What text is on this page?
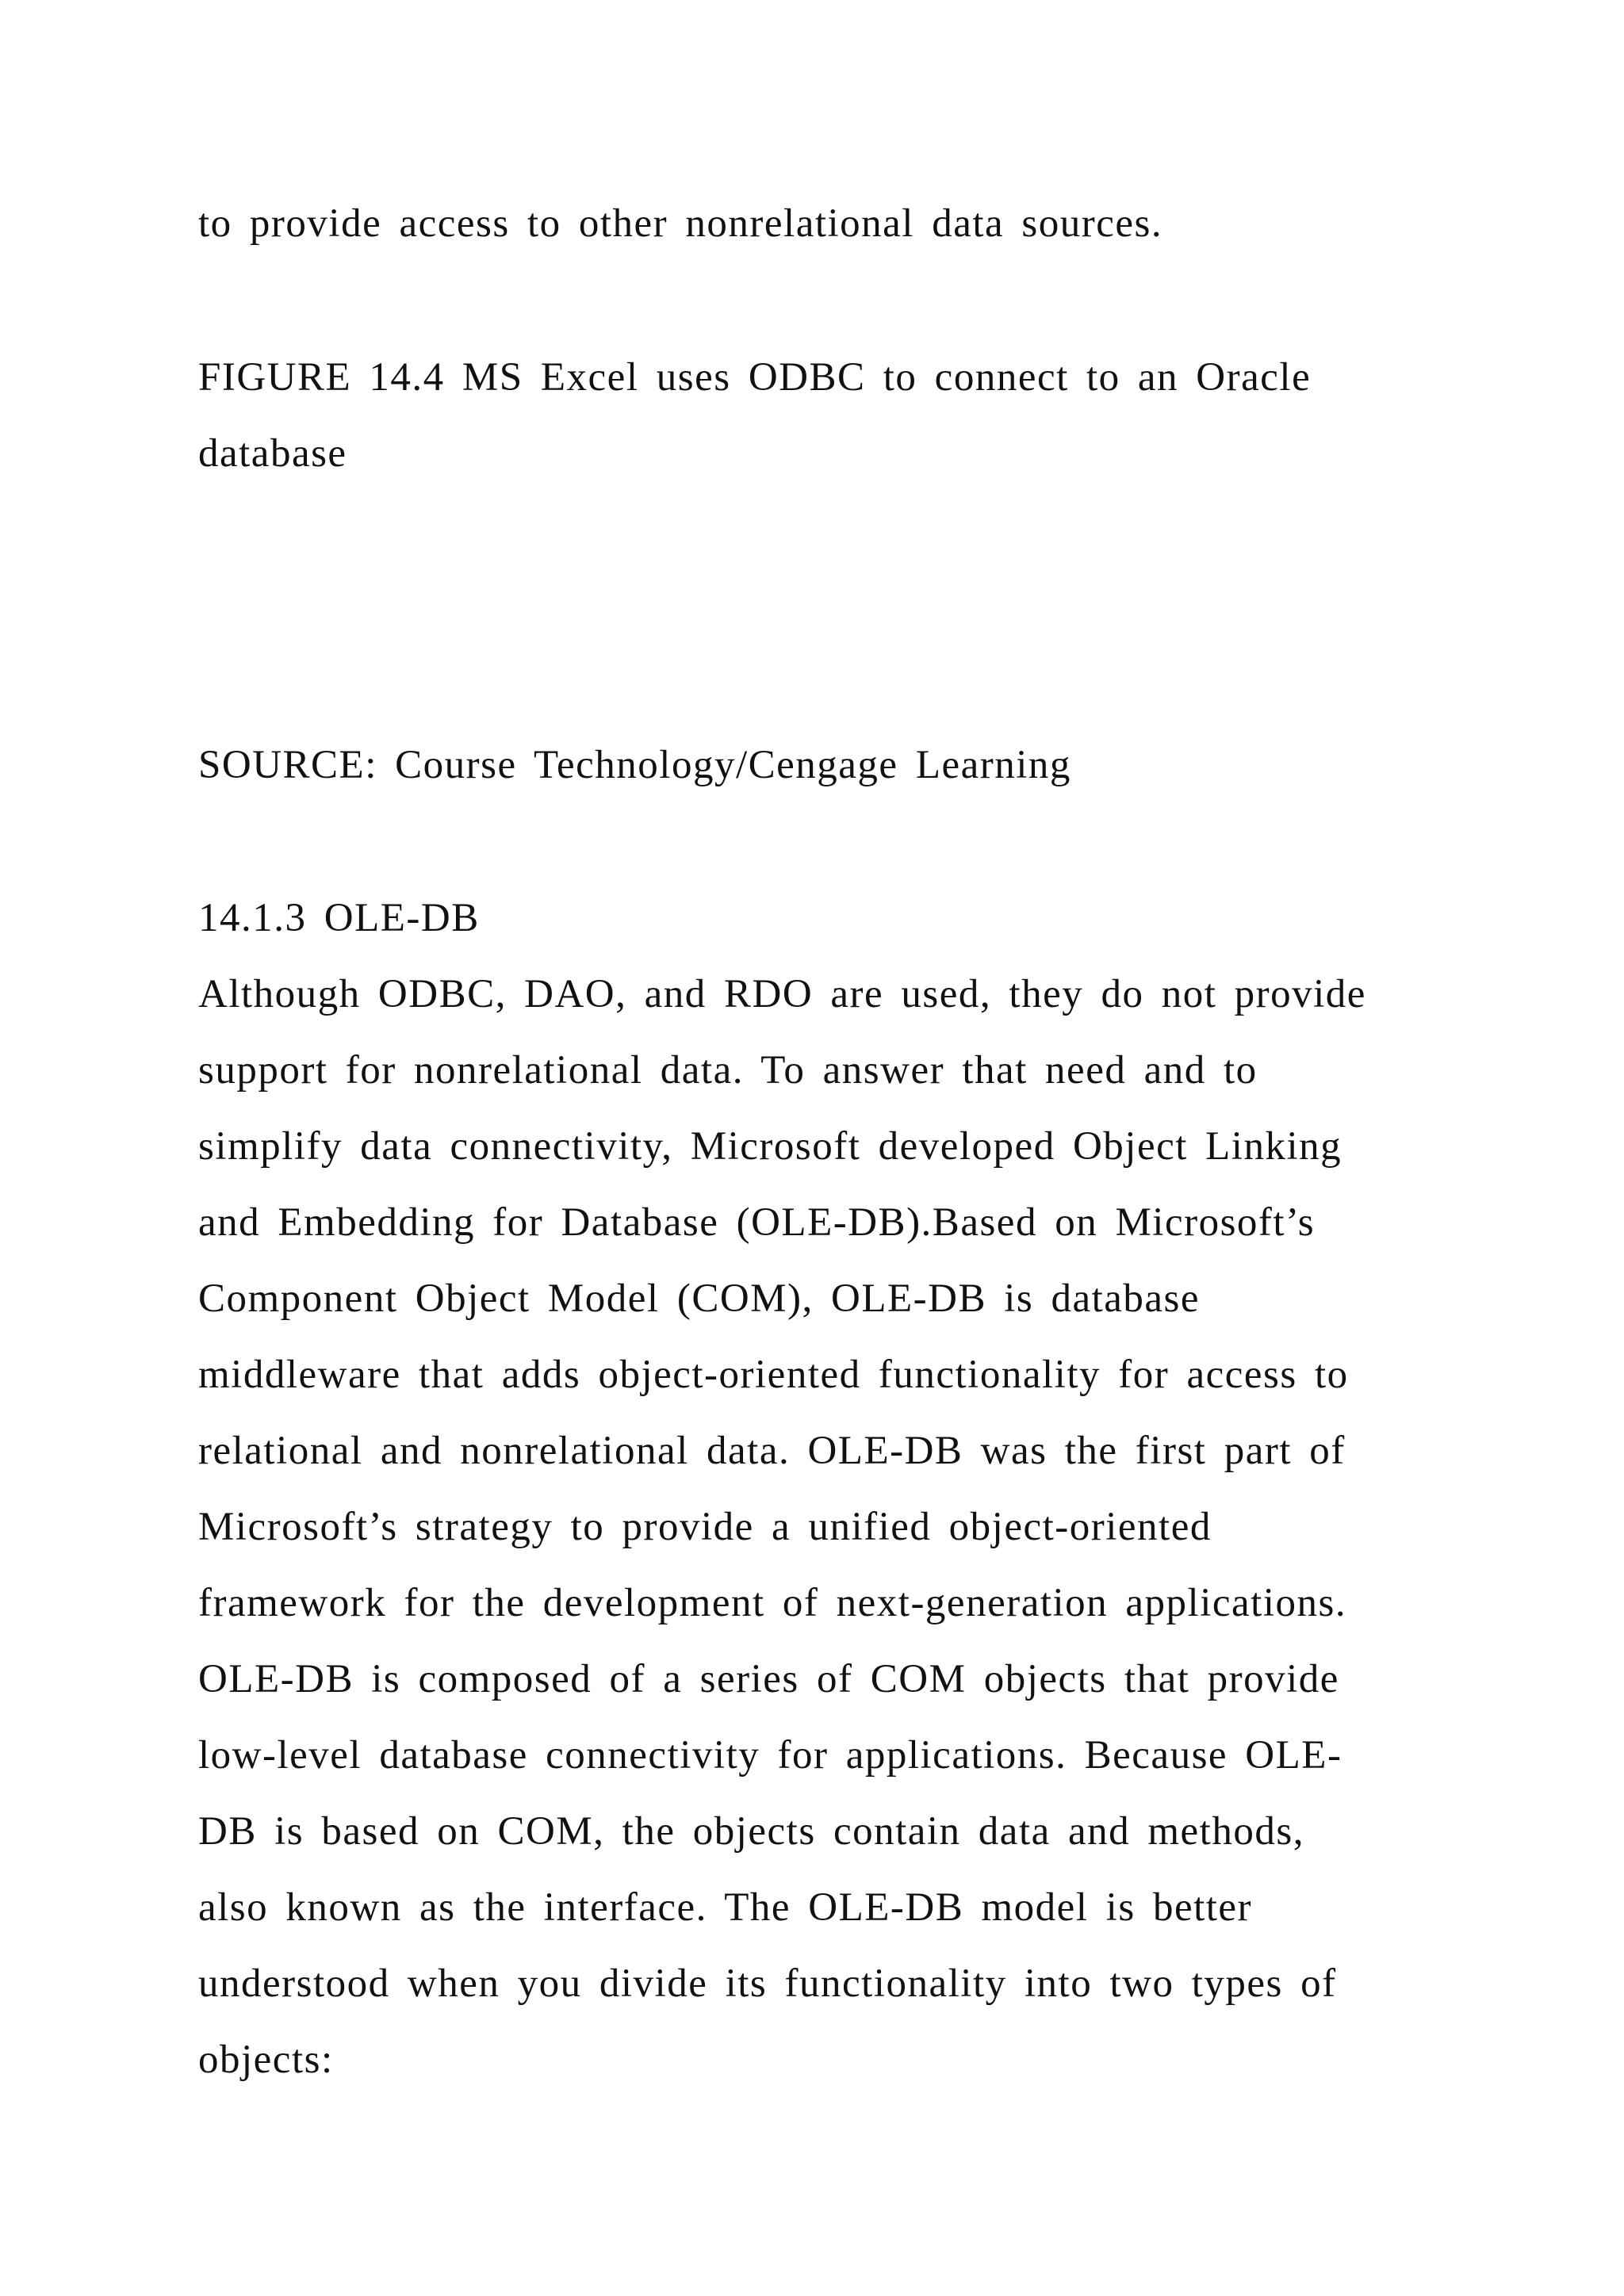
to provide access to other nonrelational data sources.
FIGURE 14.4 MS Excel uses ODBC to connect to an Oracle
database
SOURCE: Course Technology/Cengage Learning
14.1.3 OLE-DB
Although ODBC, DAO, and RDO are used, they do not provide
support for nonrelational data. To answer that need and to
simplify data connectivity, Microsoft developed Object Linking
and Embedding for Database (OLE-DB).Based on Microsoft’s
Component Object Model (COM), OLE-DB is database
middleware that adds object-oriented functionality for access to
relational and nonrelational data. OLE-DB was the first part of
Microsoft’s strategy to provide a unified object-oriented
framework for the development of next-generation applications.
OLE-DB is composed of a series of COM objects that provide
low-level database connectivity for applications. Because OLE-
DB is based on COM, the objects contain data and methods,
also known as the interface. The OLE-DB model is better
understood when you divide its functionality into two types of
objects:
